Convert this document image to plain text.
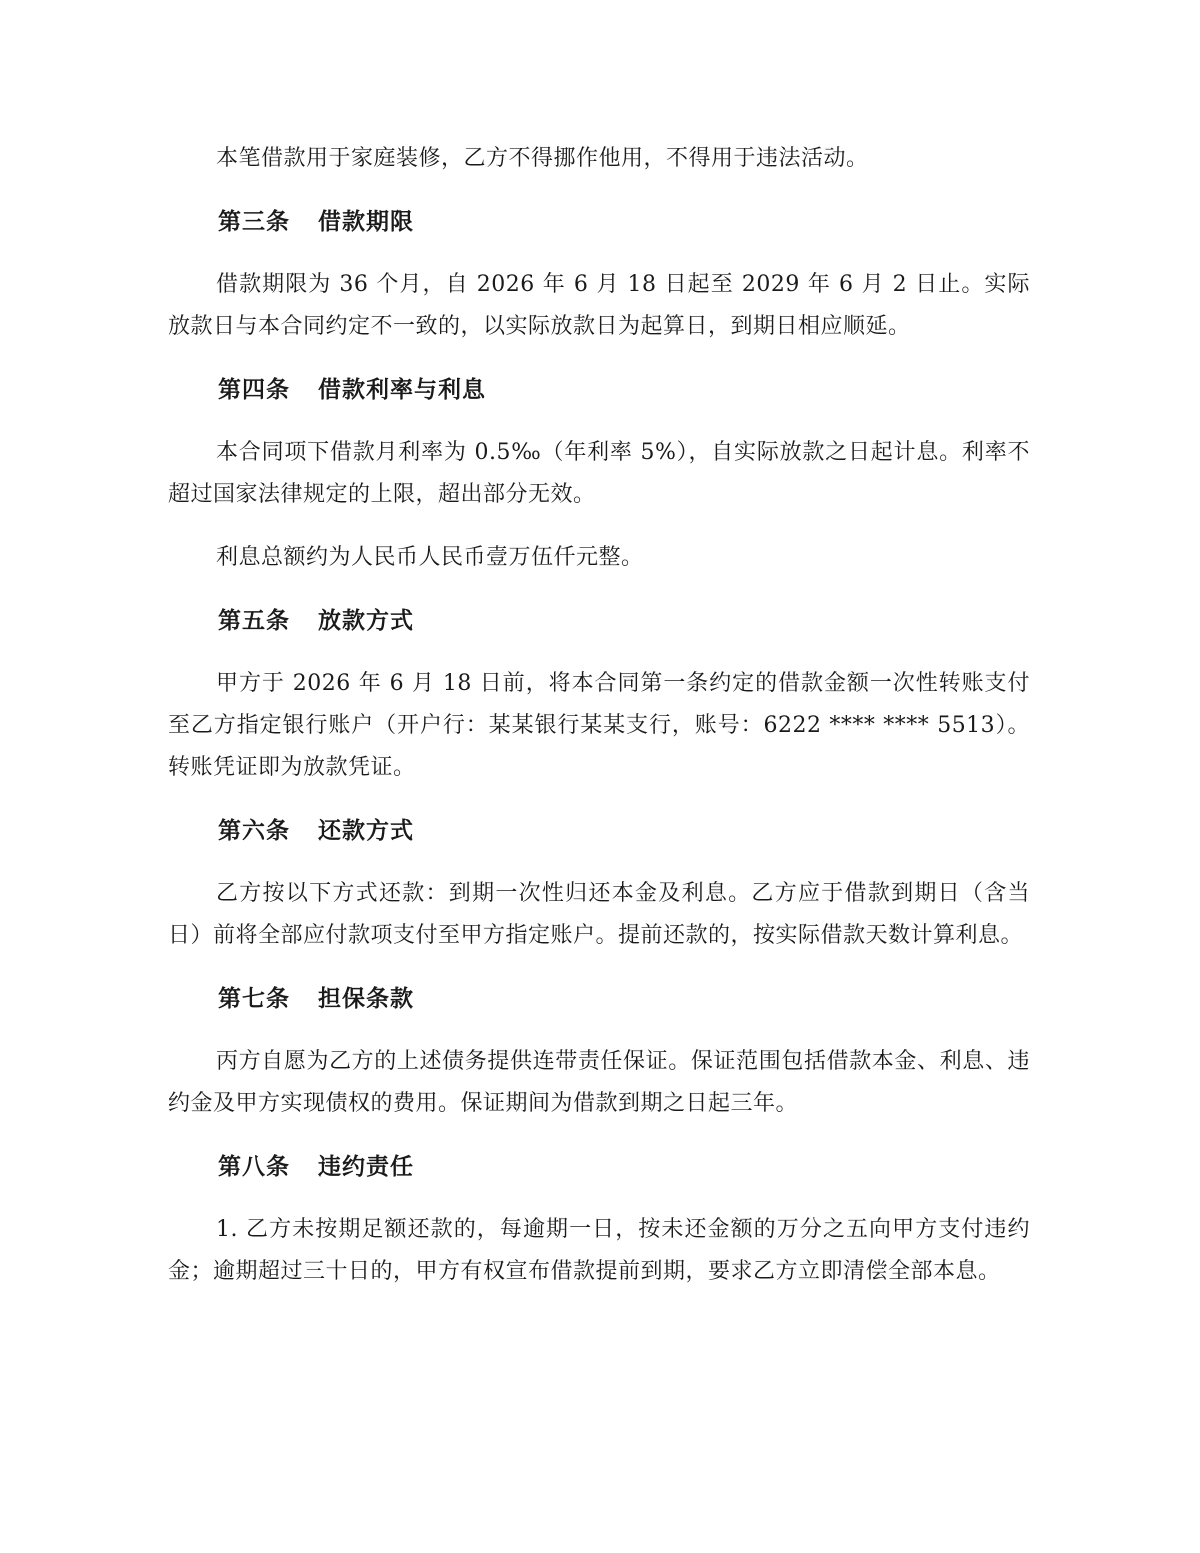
本笔借款用于家庭装修，乙方不得挪作他用，不得用于违法活动。

第三条 借款期限

借款期限为 36 个月，自 2026 年 6 月 18 日起至 2029 年 6 月 2 日止。实际放款日与本合同约定不一致的，以实际放款日为起算日，到期日相应顺延。

第四条 借款利率与利息

本合同项下借款月利率为 0.5‰（年利率 5%），自实际放款之日起计息。利率不超过国家法律规定的上限，超出部分无效。

利息总额约为人民币人民币壹万伍仟元整。

第五条 放款方式

甲方于 2026 年 6 月 18 日前，将本合同第一条约定的借款金额一次性转账支付至乙方指定银行账户（开户行：某某银行某某支行，账号：6222 **** **** 5513）。转账凭证即为放款凭证。

第六条 还款方式

乙方按以下方式还款：到期一次性归还本金及利息。乙方应于借款到期日（含当日）前将全部应付款项支付至甲方指定账户。提前还款的，按实际借款天数计算利息。

第七条 担保条款

丙方自愿为乙方的上述债务提供连带责任保证。保证范围包括借款本金、利息、违约金及甲方实现债权的费用。保证期间为借款到期之日起三年。

第八条 违约责任

1. 乙方未按期足额还款的，每逾期一日，按未还金额的万分之五向甲方支付违约金；逾期超过三十日的，甲方有权宣布借款提前到期，要求乙方立即清偿全部本息。
